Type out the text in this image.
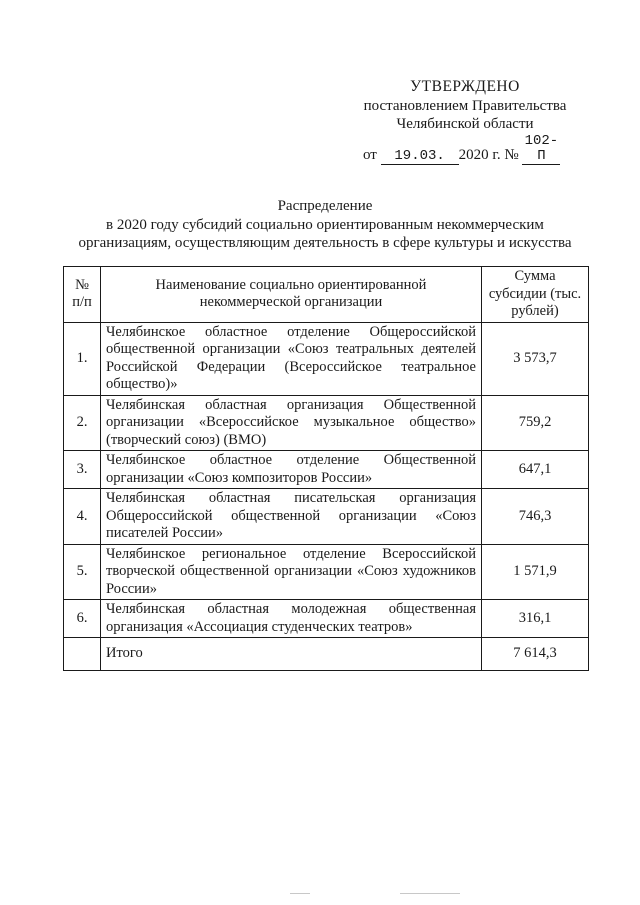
УТВЕРЖДЕНО
постановлением Правительства
Челябинской области
от 19.03. 2020 г. № 102-П
Распределение
в 2020 году субсидий социально ориентированным некоммерческим
организациям, осуществляющим деятельность в сфере культуры и искусства
№ п/п	Наименование социально ориентированной некоммерческой организации	Сумма субсидии (тыс. рублей)
1.	Челябинское областное отделение Общероссийской общественной организации «Союз театральных деятелей Российской Федерации (Всероссийское театральное общество)»	3 573,7
2.	Челябинская областная организация Общественной организации «Всероссийское музыкальное общество» (творческий союз) (ВМО)	759,2
3.	Челябинское областное отделение Общественной организации «Союз композиторов России»	647,1
4.	Челябинская областная писательская организация Общероссийской общественной организации «Союз писателей России»	746,3
5.	Челябинское региональное отделение Всероссийской творческой общественной организации «Союз художников России»	1 571,9
6.	Челябинская областная молодежная общественная организация «Ассоциация студенческих театров»	316,1
	Итого	7 614,3
